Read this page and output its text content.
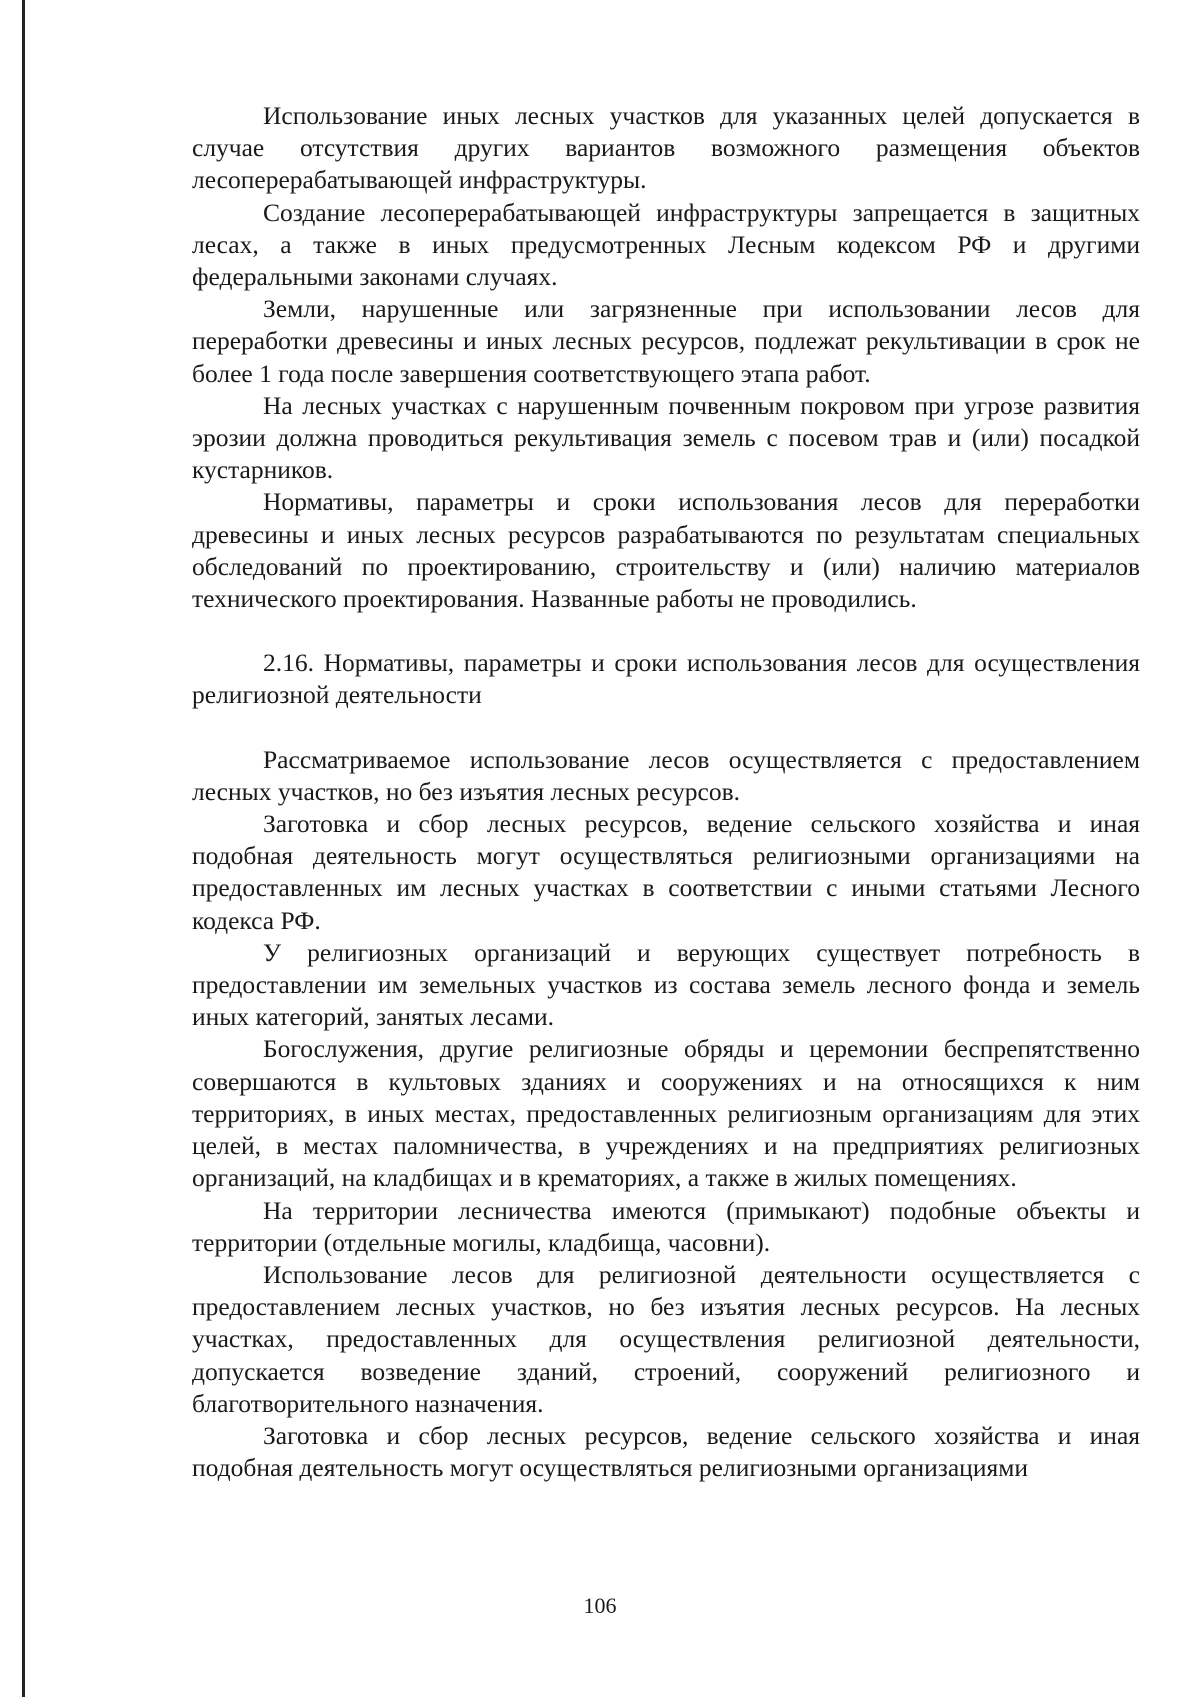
Использование иных лесных участков для указанных целей допускается в случае отсутствия других вариантов возможного размещения объектов лесоперерабатывающей инфраструктуры.

Создание лесоперерабатывающей инфраструктуры запрещается в защитных лесах, а также в иных предусмотренных Лесным кодексом РФ и другими федеральными законами случаях.

Земли, нарушенные или загрязненные при использовании лесов для переработки древесины и иных лесных ресурсов, подлежат рекультивации в срок не более 1 года после завершения соответствующего этапа работ.

На лесных участках с нарушенным почвенным покровом при угрозе развития эрозии должна проводиться рекультивация земель с посевом трав и (или) посадкой кустарников.

Нормативы, параметры и сроки использования лесов для переработки древесины и иных лесных ресурсов разрабатываются по результатам специальных обследований по проектированию, строительству и (или) наличию материалов технического проектирования. Названные работы не проводились.

2.16. Нормативы, параметры и сроки использования лесов для осуществления религиозной деятельности

Рассматриваемое использование лесов осуществляется с предоставлением лесных участков, но без изъятия лесных ресурсов.

Заготовка и сбор лесных ресурсов, ведение сельского хозяйства и иная подобная деятельность могут осуществляться религиозными организациями на предоставленных им лесных участках в соответствии с иными статьями Лесного кодекса РФ.

У религиозных организаций и верующих существует потребность в предоставлении им земельных участков из состава земель лесного фонда и земель иных категорий, занятых лесами.

Богослужения, другие религиозные обряды и церемонии беспрепятственно совершаются в культовых зданиях и сооружениях и на относящихся к ним территориях, в иных местах, предоставленных религиозным организациям для этих целей, в местах паломничества, в учреждениях и на предприятиях религиозных организаций, на кладбищах и в крематориях, а также в жилых помещениях.

На территории лесничества имеются (примыкают) подобные объекты и территории (отдельные могилы, кладбища, часовни).

Использование лесов для религиозной деятельности осуществляется с предоставлением лесных участков, но без изъятия лесных ресурсов. На лесных участках, предоставленных для осуществления религиозной деятельности, допускается возведение зданий, строений, сооружений религиозного и благотворительного назначения.

Заготовка и сбор лесных ресурсов, ведение сельского хозяйства и иная подобная деятельность могут осуществляться религиозными организациями

106
